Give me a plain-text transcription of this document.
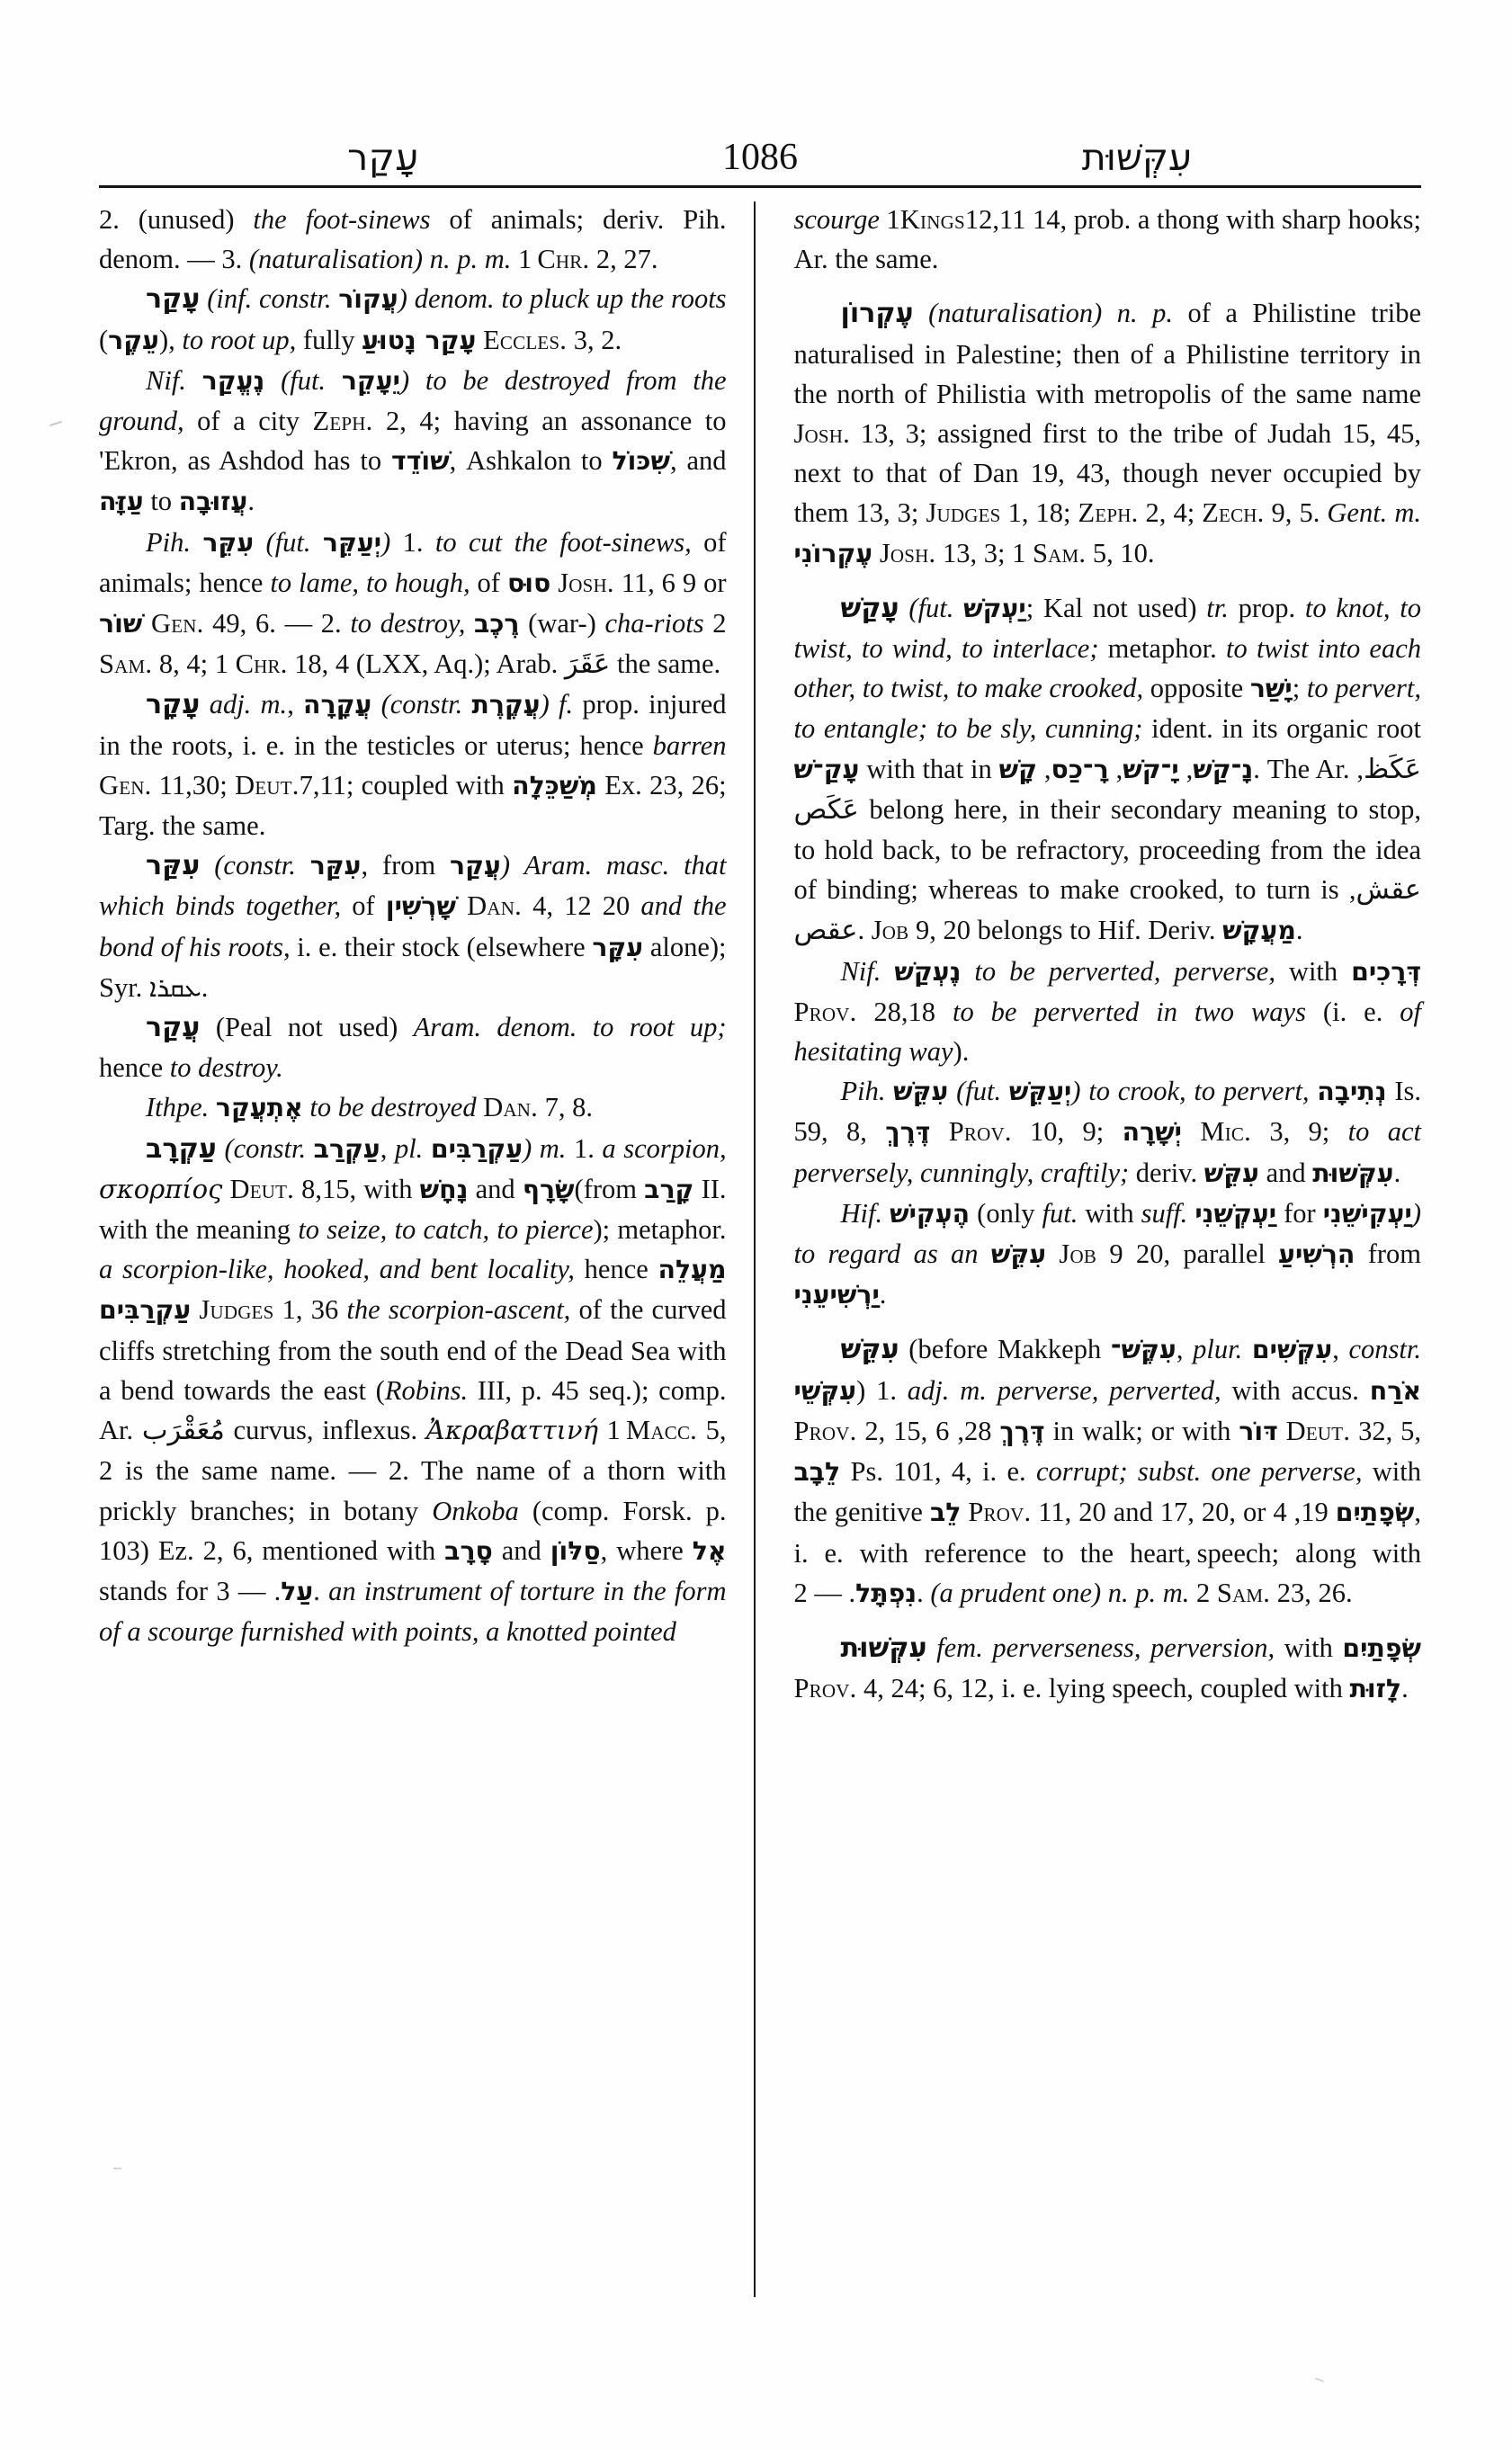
עָקַר	1086	עִקְּשׁוּת

2. (unused) the foot-sinews of animals; deriv. Pih. denom. — 3. (naturalisation) n. p. m. 1 Chr. 2, 27.

עָקַר (inf. constr. עֲקוֹר) denom. to pluck up the roots (עֵקֶר), to root up, fully עָקַר נָטוּעַ Eccles. 3, 2.

Nif. נֶעֱקַר (fut. יֵעָקֵר) to be destroyed from the ground, of a city Zeph. 2, 4; having an assonance to 'Ekron, as Ashdod has to שׁוֹדֵד, Ashkalon to שִׁכּוֹל, and עַזָּה to עֲזוּבָה.

Pih. עִקֵּר (fut. יְעַקֵּר) 1. to cut the foot-sinews, of animals; hence to lame, to hough, of סוּס Josh. 11, 6 9 or שׁוֹר Gen. 49, 6. — 2. to destroy, רֶכֶב (war-) cha-riots 2 Sam. 8, 4; 1 Chr. 18, 4 (LXX, Aq.); Arab. عَقَرَ the same.

עָקָר adj. m., עֲקָרָה (constr. עֲקֶרֶת) f. prop. injured in the roots, i. e. in the testicles or uterus; hence barren Gen. 11,30; Deut.7,11; coupled with מְשַׁכֵּלָה Ex. 23, 26; Targ. the same.

עִקַּר (constr. עִקַּר, from עֲקַר) Aram. masc. that which binds together, of שָׁרְשִׁין Dan. 4, 12 20 and the bond of his roots, i. e. their stock (elsewhere עִקָּר alone); Syr. ܥܩܪܐ.

עֲקַר (Peal not used) Aram. denom. to root up; hence to destroy.

Ithpe. אֶתְעֲקַר to be destroyed Dan. 7, 8.

עַקְרָב (constr. עַקְרַב, pl. עַקְרַבִּים) m. 1. a scorpion, σκορπίος Deut. 8,15, with נָחָשׁ and שָׂרָף(from קָרַב II. with the meaning to seize, to catch, to pierce); metaphor. a scorpion-like, hooked, and bent locality, hence מַעֲלֵה עַקְרַבִּים Judges 1, 36 the scorpion-ascent, of the curved cliffs stretching from the south end of the Dead Sea with a bend towards the east (Robins. III, p. 45 seq.); comp. Ar. مُعَقْرَب curvus, inflexus. Ἀκραβαττινή 1 Macc. 5, 2 is the same name. — 2. The name of a thorn with prickly branches; in botany Onkoba (comp. Forsk. p. 103) Ez. 2, 6, mentioned with סָרָב and סַלּוֹן, where אֶל stands for	עַל. — 3. an instrument of torture in the form of a scourge furnished with points, a knotted pointed

scourge 1Kings12,11 14, prob. a thong with sharp hooks; Ar. the same.

עֶקְרוֹן (naturalisation) n. p. of a Philistine tribe naturalised in Palestine; then of a Philistine territory in the north of Philistia with metropolis of the same name Josh. 13, 3; assigned first to the tribe of Judah 15, 45, next to that of Dan 19, 43, though never occupied by them 13, 3; Judges 1, 18; Zeph. 2, 4; Zech. 9, 5. Gent. m. עֶקְרוֹנִי Josh. 13, 3; 1 Sam. 5, 10.

עָקַשׁ (fut. יַעְקֹשׁ; Kal not used) tr. prop. to knot, to twist, to wind, to interlace; metaphor. to twist into each other, to twist, to make crooked, opposite יָשַׁר; to pervert, to entangle; to be sly, cunning; ident. in its organic root עָקַ־שׁ with that in	נָ־קַשׁ, יָ־קֹשׁ, רָ־כַס, קָשׁ	. The Ar. عَكَظ, عَكَص belong here, in their secondary meaning to stop, to hold back, to be refractory, proceeding from the idea of binding; whereas to make crooked, to turn is عقش, عقص. Job 9, 20 belongs to Hif. Deriv. מַעֲקָשׁ.

Nif. נֶעְקַשׁ to be perverted, perverse, with דְּרָכִים Prov. 28,18 to be perverted in two ways (i. e. of hesitating way).

Pih. עִקֵּשׁ (fut. יְעַקֵּשׁ) to crook, to pervert, נְתִיבָה Is. 59, 8, דֶּרֶךְ Prov. 10, 9; יְשָׁרָה Mic. 3, 9; to act perversely, cunningly, craftily; deriv. עִקֵּשׁ and עִקְּשׁוּת.

Hif. הֶעְקִישׁ (only fut. with suff. יַעְקְשֵׁנִי for יַעְקִישֵׁנִי) to regard as an עִקֵּשׁ Job 9 20, parallel הִרְשִׁיעַ from יַרְשִׁיעֵנִי.

עִקֵּשׁ (before Makkeph עִקֶּשׁ־, plur. עִקְּשִׁים, constr. עִקְּשֵׁי) 1. adj. m. perverse, perverted, with accus. אֹרַח Prov. 2, 15,	דֶּרֶךְ 28, 6 in walk; or with דּוֹר Deut. 32, 5, לֵבָב Ps. 101, 4, i. e. corrupt; subst. one perverse, with the genitive לֵב Prov. 11, 20 and 17, 20, or שְׂפָתַיִם 19, 4, i. e. with reference to the heart, speech; along with נִפְתָּל. — 2. (a prudent one) n. p. m. 2 Sam. 23, 26.

עִקְּשׁוּת fem. perverseness, perversion, with שְׂפָתַיִם Prov. 4, 24; 6, 12, i. e. lying speech, coupled with לָזוּת.
